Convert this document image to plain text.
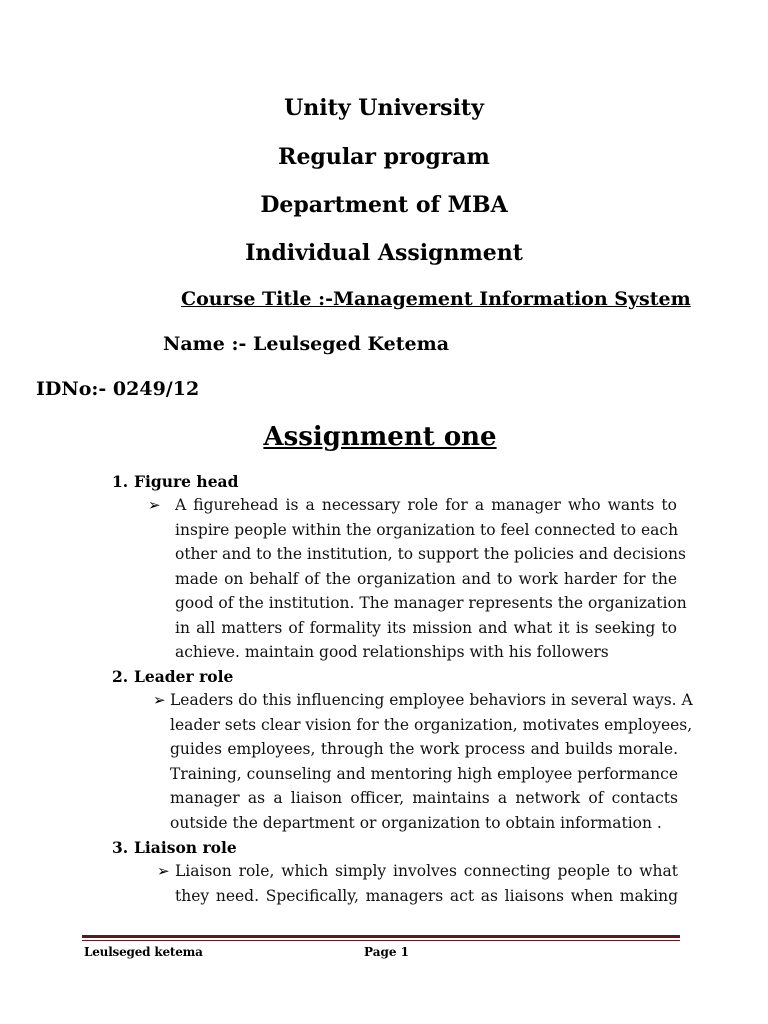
Unity University
Regular program
Department of MBA
Individual Assignment
Course Title :-Management Information System
Name :- Leulseged Ketema
IDNo:- 0249/12
Assignment one
1. Figure head
➢ A figurehead is a necessary role for a manager who wants to
inspire people within the organization to feel connected to each
other and to the institution, to support the policies and decisions
made on behalf of the organization and to work harder for the
good of the institution. The manager represents the organization
in all matters of formality its mission and what it is seeking to
achieve. maintain good relationships with his followers
2. Leader role
➢ Leaders do this influencing employee behaviors in several ways. A
leader sets clear vision for the organization, motivates employees,
guides employees, through the work process and builds morale.
Training, counseling and mentoring high employee performance
manager as a liaison officer, maintains a network of contacts
outside the department or organization to obtain information .
3. Liaison role
➢ Liaison role, which simply involves connecting people to what
they need. Specifically, managers act as liaisons when making
Leulseged ketema	Page 1
